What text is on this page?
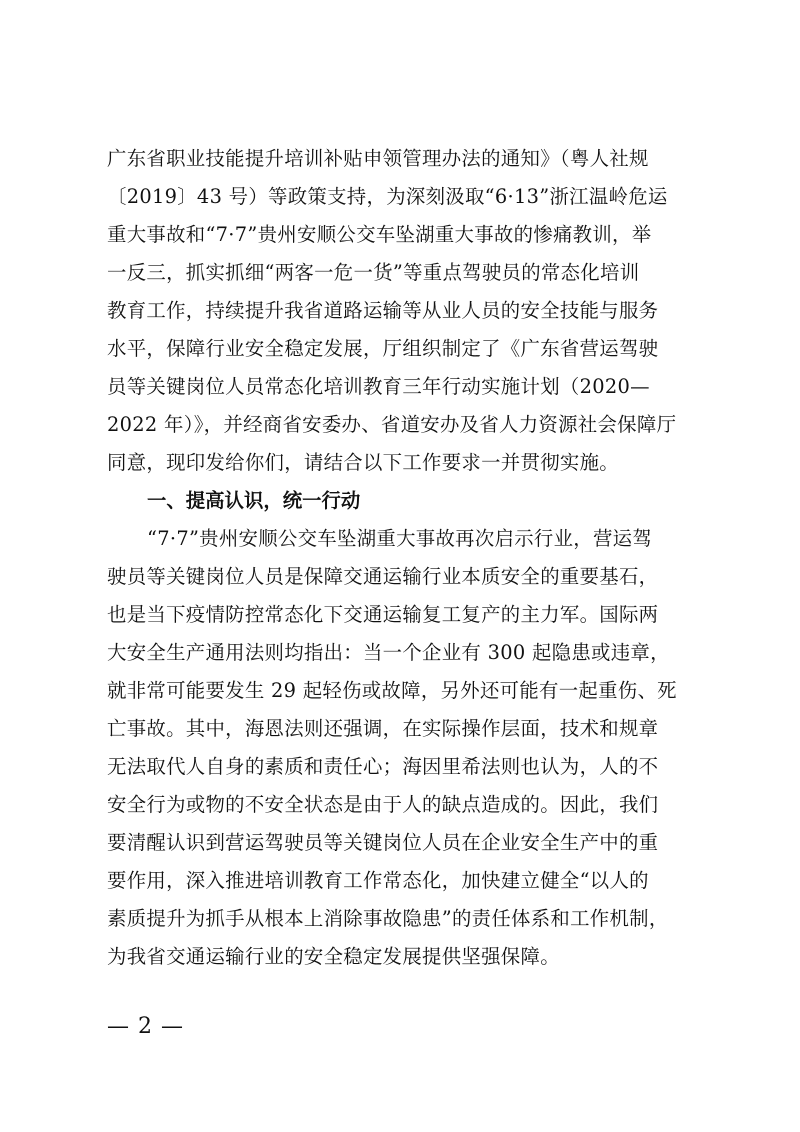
广东省职业技能提升培训补贴申领管理办法的通知》（粤人社规
〔2019〕43 号）等政策支持，为深刻汲取“6·13”浙江温岭危运
重大事故和“7·7”贵州安顺公交车坠湖重大事故的惨痛教训，举
一反三，抓实抓细“两客一危一货”等重点驾驶员的常态化培训
教育工作，持续提升我省道路运输等从业人员的安全技能与服务
水平，保障行业安全稳定发展，厅组织制定了《广东省营运驾驶
员等关键岗位人员常态化培训教育三年行动实施计划（2020—
2022 年）》，并经商省安委办、省道安办及省人力资源社会保障厅
同意，现印发给你们，请结合以下工作要求一并贯彻实施。
一、提高认识，统一行动
“7·7”贵州安顺公交车坠湖重大事故再次启示行业，营运驾
驶员等关键岗位人员是保障交通运输行业本质安全的重要基石，
也是当下疫情防控常态化下交通运输复工复产的主力军。国际两
大安全生产通用法则均指出：当一个企业有 300 起隐患或违章，
就非常可能要发生 29 起轻伤或故障，另外还可能有一起重伤、死
亡事故。其中，海恩法则还强调，在实际操作层面，技术和规章
无法取代人自身的素质和责任心；海因里希法则也认为，人的不
安全行为或物的不安全状态是由于人的缺点造成的。因此，我们
要清醒认识到营运驾驶员等关键岗位人员在企业安全生产中的重
要作用，深入推进培训教育工作常态化，加快建立健全“以人的
素质提升为抓手从根本上消除事故隐患”的责任体系和工作机制，
为我省交通运输行业的安全稳定发展提供坚强保障。
— 2 —
